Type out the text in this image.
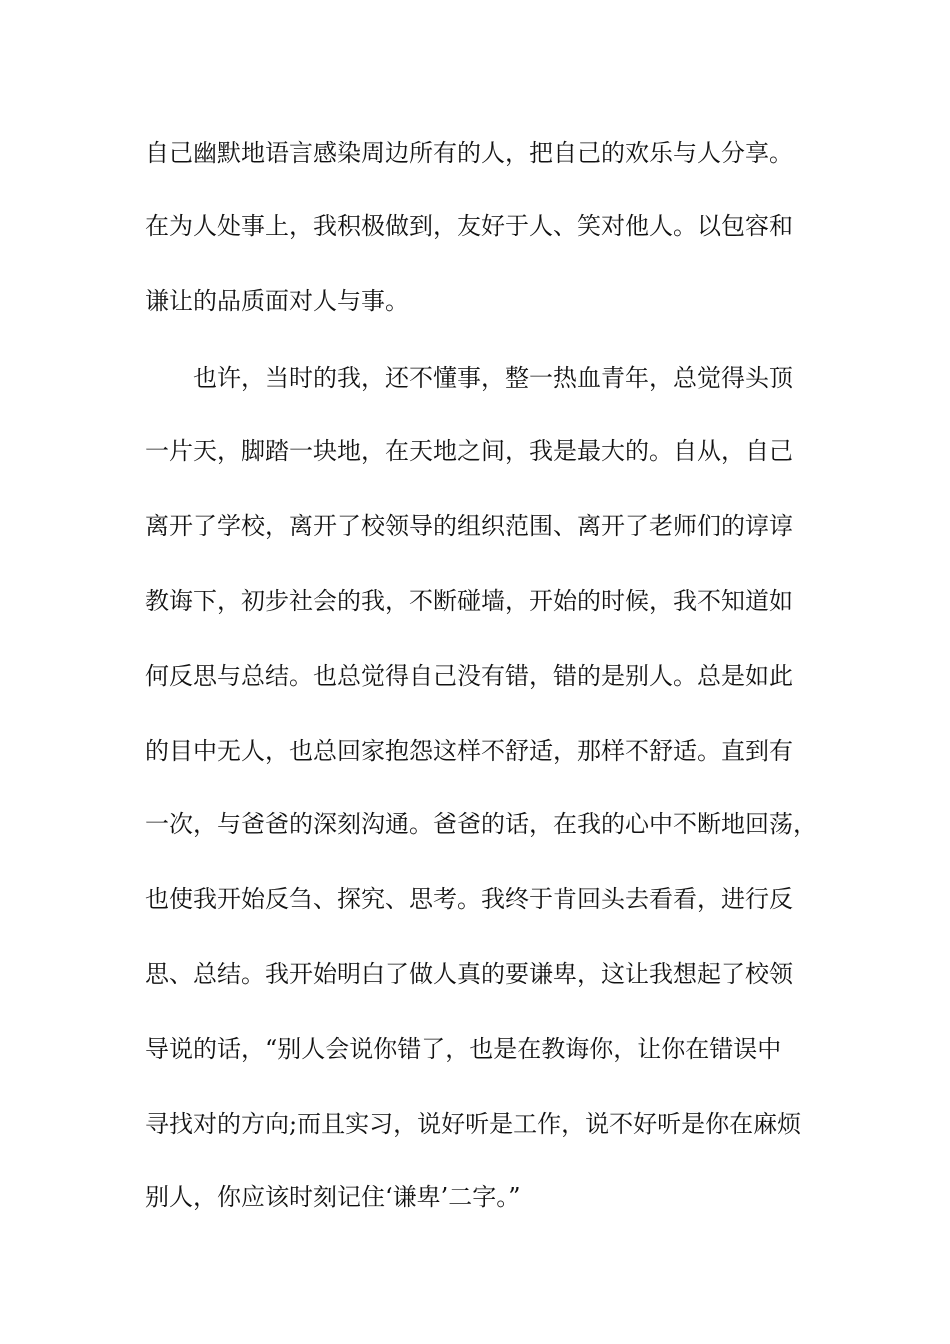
自己幽默地语言感染周边所有的人，把自己的欢乐与人分享。

在为人处事上，我积极做到，友好于人、笑对他人。以包容和

谦让的品质面对人与事。

也许，当时的我，还不懂事，整一热血青年，总觉得头顶

一片天，脚踏一块地，在天地之间，我是最大的。自从，自己

离开了学校，离开了校领导的组织范围、离开了老师们的谆谆

教诲下，初步社会的我，不断碰墙，开始的时候，我不知道如

何反思与总结。也总觉得自己没有错，错的是别人。总是如此

的目中无人，也总回家抱怨这样不舒适，那样不舒适。直到有

一次，与爸爸的深刻沟通。爸爸的话，在我的心中不断地回荡，

也使我开始反刍、探究、思考。我终于肯回头去看看，进行反

思、总结。我开始明白了做人真的要谦卑，这让我想起了校领

导说的话，“别人会说你错了，也是在教诲你，让你在错误中

寻找对的方向;而且实习，说好听是工作，说不好听是你在麻烦

别人，你应该时刻记住‘谦卑’二字。”
